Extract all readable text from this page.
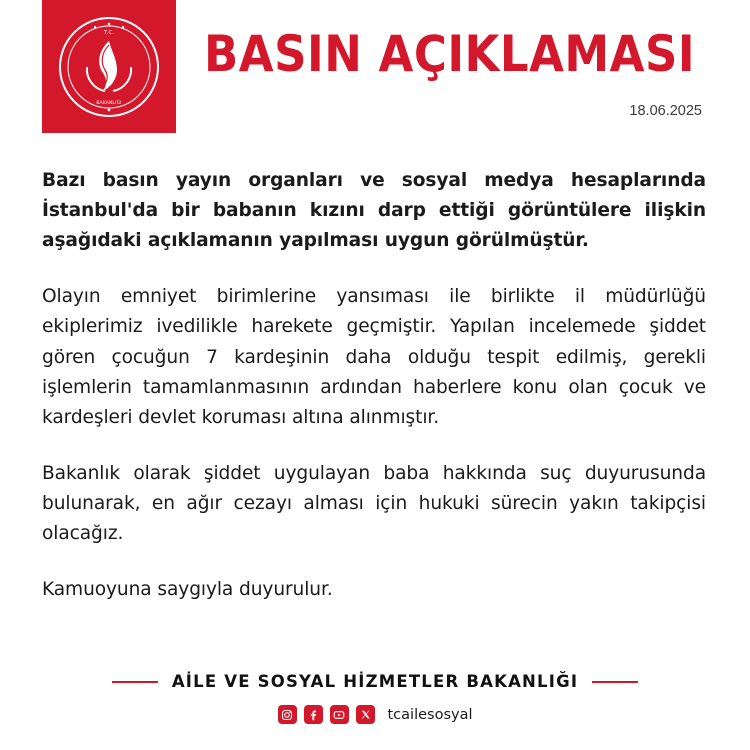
T.C.
BAKANLIĞI
BASIN AÇIKLAMASI
18.06.2025

Bazı basın yayın organları ve sosyal medya hesaplarında İstanbul'da bir babanın kızını darp ettiği görüntülere ilişkin aşağıdaki açıklamanın yapılması uygun görülmüştür.

Olayın emniyet birimlerine yansıması ile birlikte il müdürlüğü ekiplerimiz ivedilikle harekete geçmiştir. Yapılan incelemede şiddet gören çocuğun 7 kardeşinin daha olduğu tespit edilmiş, gerekli işlemlerin tamamlanmasının ardından haberlere konu olan çocuk ve kardeşleri devlet koruması altına alınmıştır.

Bakanlık olarak şiddet uygulayan baba hakkında suç duyurusunda bulunarak, en ağır cezayı alması için hukuki sürecin yakın takipçisi olacağız.

Kamuoyuna saygıyla duyurulur.

AİLE VE SOSYAL HİZMETLER BAKANLIĞI
tcailesosyal
